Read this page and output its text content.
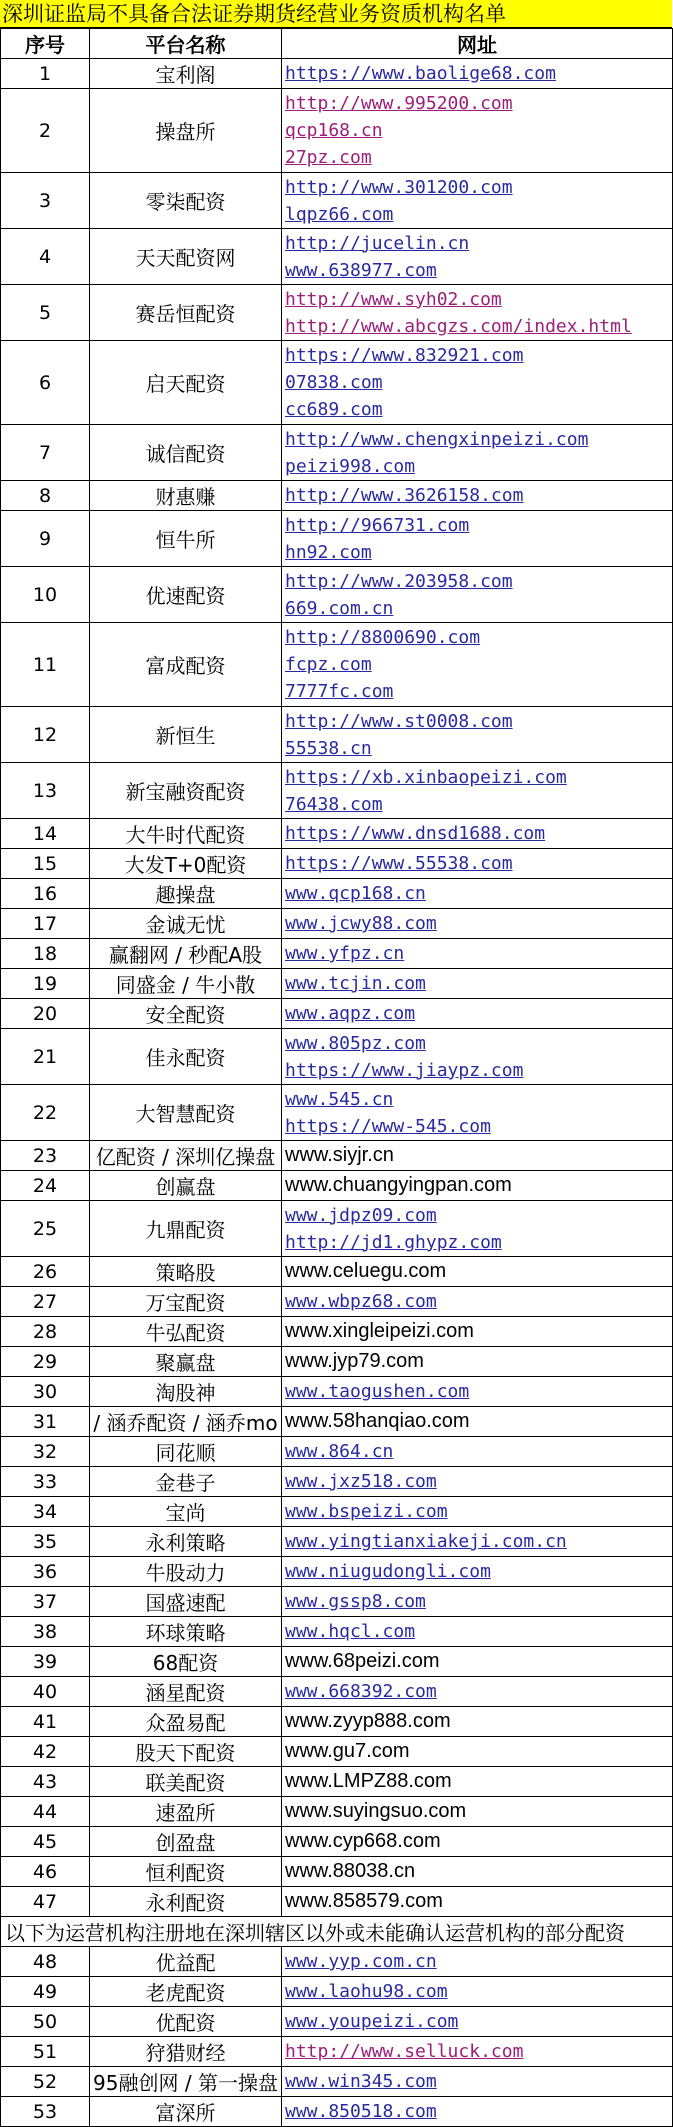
深圳证监局不具备合法证券期货经营业务资质机构名单
序号	平台名称	网址
1	宝利阁	https://www.baolige68.com

2	操盘所	http://www.995200.com
qcp168.cn
27pz.com

3	零柒配资	http://www.301200.com
lqpz66.com

4	天天配资网	http://jucelin.cn
www.638977.com

5	赛岳恒配资	http://www.syh02.com
http://www.abcgzs.com/index.html

6	启天配资	https://www.832921.com
07838.com
cc689.com

7	诚信配资	http://www.chengxinpeizi.com
peizi998.com

8	财惠赚	http://www.3626158.com

9	恒牛所	http://966731.com
hn92.com

10	优速配资	http://www.203958.com
669.com.cn

11	富成配资	http://8800690.com
fcpz.com
7777fc.com

12	新恒生	http://www.st0008.com
55538.cn

13	新宝融资配资	https://xb.xinbaopeizi.com
76438.com

14	大牛时代配资	https://www.dnsd1688.com

15	大发T+0配资	https://www.55538.com

16	趣操盘	www.qcp168.cn

17	金诚无忧	www.jcwy88.com

18	赢翻网 / 秒配A股	www.yfpz.cn

19	同盛金 / 牛小散	www.tcjin.com

20	安全配资	www.aqpz.com

21	佳永配资	www.805pz.com
https://www.jiaypz.com

22	大智慧配资	www.545.cn
https://www-545.com

23	亿配资 / 深圳亿操盘	www.siyjr.cn

24	创赢盘	www.chuangyingpan.com

25	九鼎配资	www.jdpz09.com
http://jd1.ghypz.com

26	策略股	www.celuegu.com

27	万宝配资	www.wbpz68.com

28	牛弘配资	www.xingleipeizi.com

29	聚赢盘	www.jyp79.com

30	淘股神	www.taogushen.com

31	/ 涵乔配资 / 涵乔mo	www.58hanqiao.com

32	同花顺	www.864.cn

33	金巷子	www.jxz518.com

34	宝尚	www.bspeizi.com

35	永利策略	www.yingtianxiakeji.com.cn

36	牛股动力	www.niugudongli.com

37	国盛速配	www.gssp8.com

38	环球策略	www.hqcl.com

39	68配资	www.68peizi.com

40	涵星配资	www.668392.com

41	众盈易配	www.zyyp888.com

42	股天下配资	www.gu7.com

43	联美配资	www.LMPZ88.com

44	速盈所	www.suyingsuo.com

45	创盈盘	www.cyp668.com

46	恒利配资	www.88038.cn

47	永利配资	www.858579.com

以下为运营机构注册地在深圳辖区以外或未能确认运营机构的部分配资		
48	优益配	www.yyp.com.cn

49	老虎配资	www.laohu98.com

50	优配资	www.youpeizi.com

51	狩猎财经	http://www.selluck.com

52	95融创网 / 第一操盘	www.win345.com

53	富深所	www.850518.com
